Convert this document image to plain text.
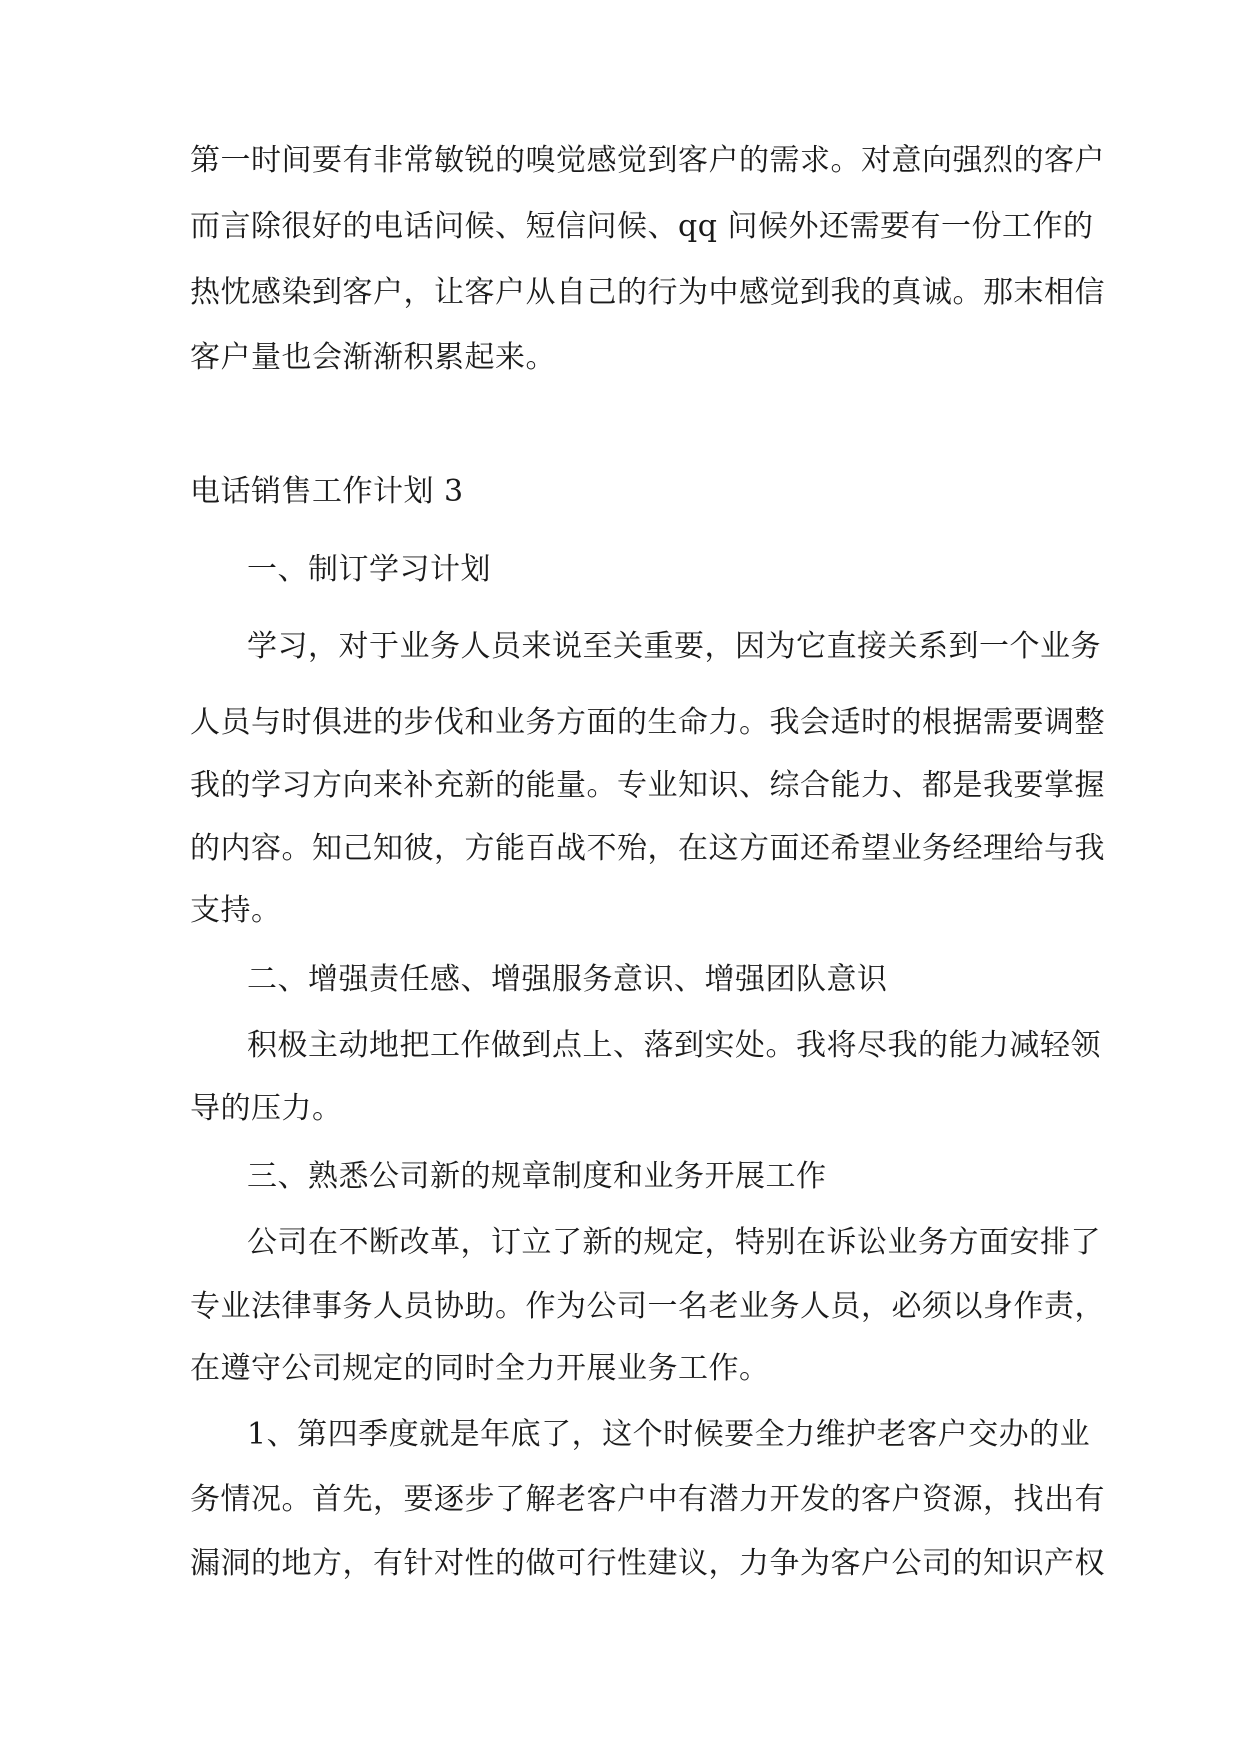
第一时间要有非常敏锐的嗅觉感觉到客户的需求。对意向强烈的客户
而言除很好的电话问候、短信问候、qq 问候外还需要有一份工作的
热忱感染到客户，让客户从自己的行为中感觉到我的真诚。那末相信
客户量也会渐渐积累起来。
电话销售工作计划 3
一、制订学习计划
学习，对于业务人员来说至关重要，因为它直接关系到一个业务
人员与时俱进的步伐和业务方面的生命力。我会适时的根据需要调整
我的学习方向来补充新的能量。专业知识、综合能力、都是我要掌握
的内容。知己知彼，方能百战不殆，在这方面还希望业务经理给与我
支持。
二、增强责任感、增强服务意识、增强团队意识
积极主动地把工作做到点上、落到实处。我将尽我的能力减轻领
导的压力。
三、熟悉公司新的规章制度和业务开展工作
公司在不断改革，订立了新的规定，特别在诉讼业务方面安排了
专业法律事务人员协助。作为公司一名老业务人员，必须以身作责，
在遵守公司规定的同时全力开展业务工作。
1、第四季度就是年底了，这个时候要全力维护老客户交办的业
务情况。首先，要逐步了解老客户中有潜力开发的客户资源，找出有
漏洞的地方，有针对性的做可行性建议，力争为客户公司的知识产权
